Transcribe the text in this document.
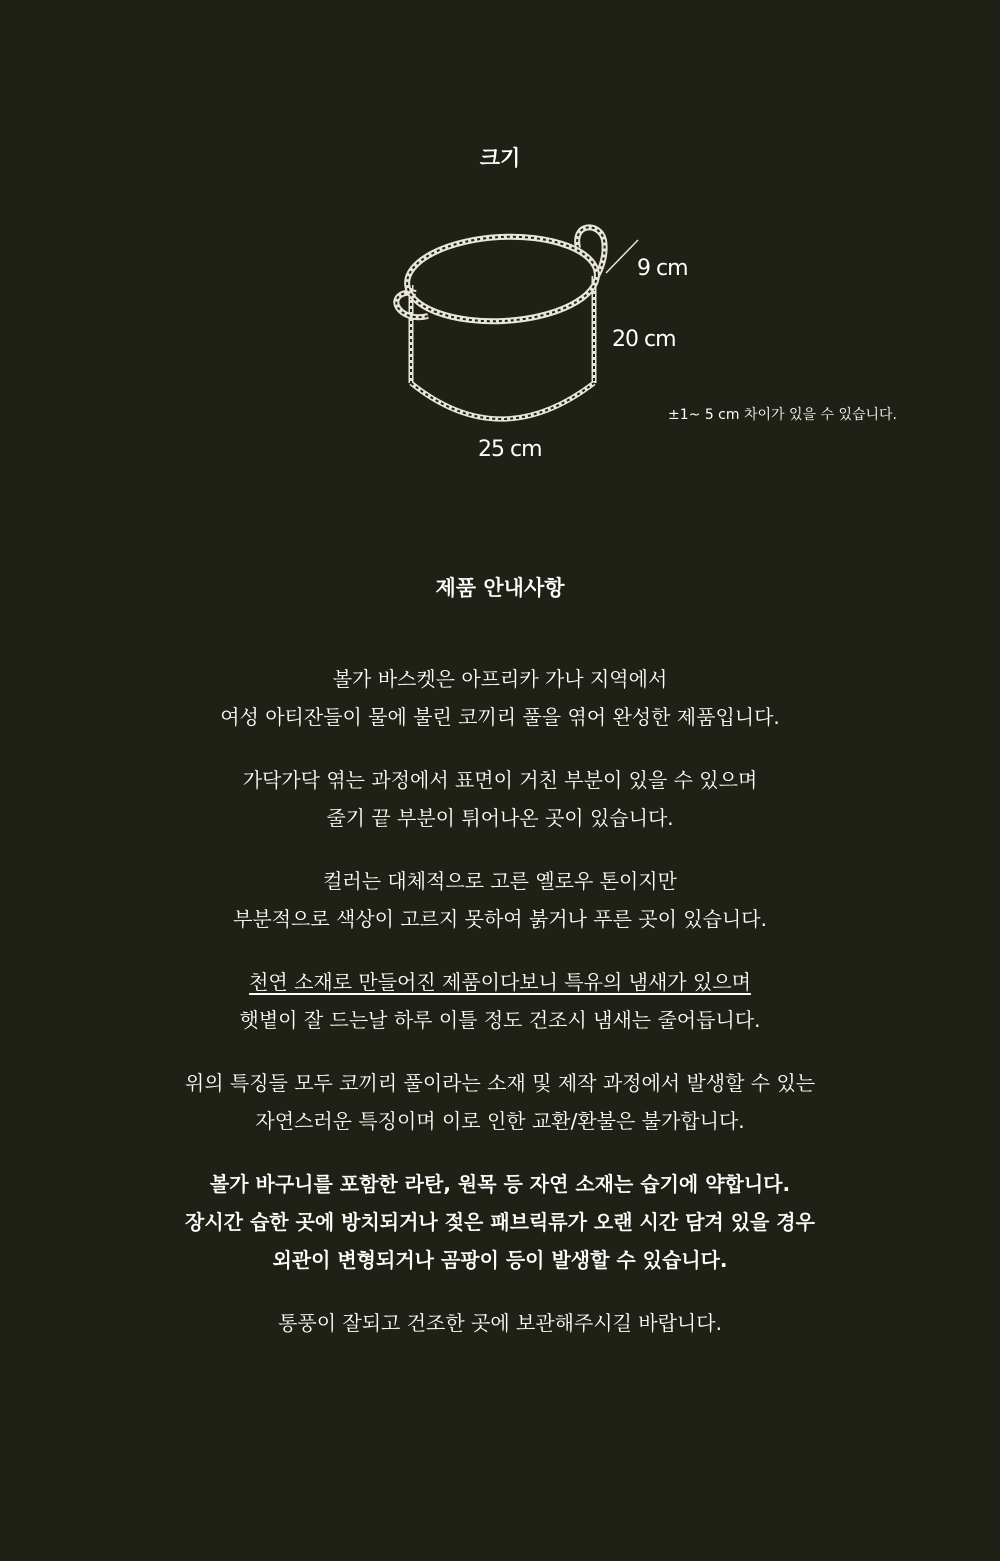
크기
9 cm
20 cm
25 cm
±1~ 5 cm 차이가 있을 수 있습니다.
제품 안내사항

볼가 바스켓은 아프리카 가나 지역에서
여성 아티잔들이 물에 불린 코끼리 풀을 엮어 완성한 제품입니다.

가닥가닥 엮는 과정에서 표면이 거친 부분이 있을 수 있으며
줄기 끝 부분이 튀어나온 곳이 있습니다.

컬러는 대체적으로 고른 옐로우 톤이지만
부분적으로 색상이 고르지 못하여 붉거나 푸른 곳이 있습니다.

천연 소재로 만들어진 제품이다보니 특유의 냄새가 있으며
햇볕이 잘 드는날 하루 이틀 정도 건조시 냄새는 줄어듭니다.

위의 특징들 모두 코끼리 풀이라는 소재 및 제작 과정에서 발생할 수 있는
자연스러운 특징이며 이로 인한 교환/환불은 불가합니다.

볼가 바구니를 포함한 라탄, 원목 등 자연 소재는 습기에 약합니다.
장시간 습한 곳에 방치되거나 젖은 패브릭류가 오랜 시간 담겨 있을 경우
외관이 변형되거나 곰팡이 등이 발생할 수 있습니다.

통풍이 잘되고 건조한 곳에 보관해주시길 바랍니다.
